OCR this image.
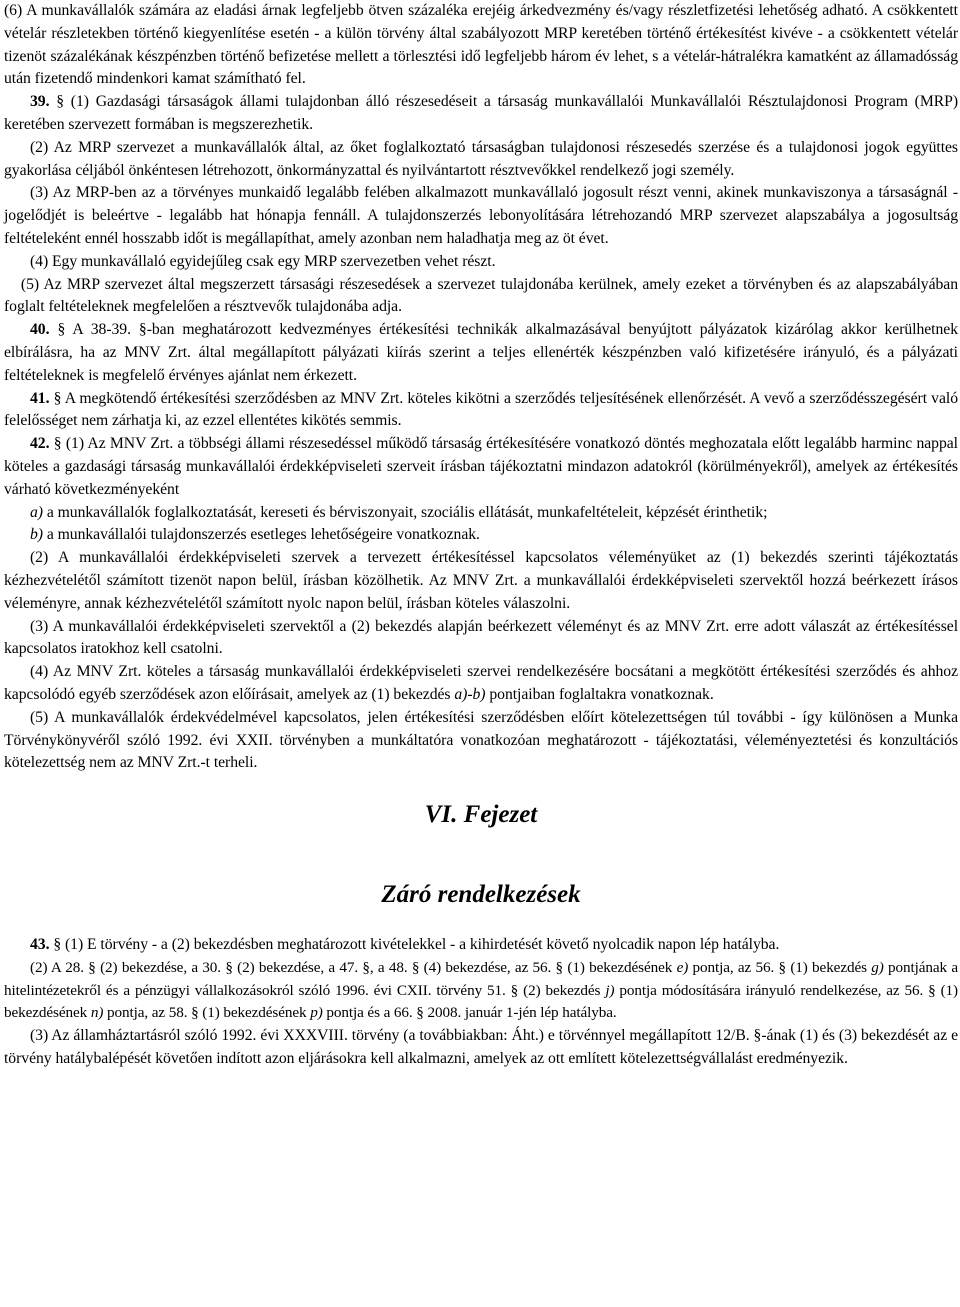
(6) A munkavállalók számára az eladási árnak legfeljebb ötven százaléka erejéig árkedvezmény és/vagy részletfizetési lehetőség adható. A csökkentett vételár részletekben történő kiegyenlítése esetén - a külön törvény által szabályozott MRP keretében történő értékesítést kivéve - a csökkentett vételár tizenöt százalékának készpénzben történő befizetése mellett a törlesztési idő legfeljebb három év lehet, s a vételár-hátralékra kamatként az államadósság után fizetendő mindenkori kamat számítható fel.

39. § (1) Gazdasági társaságok állami tulajdonban álló részesedéseit a társaság munkavállalói Munkavállalói Résztulajdonosi Program (MRP) keretében szervezett formában is megszerezhetik.

(2) Az MRP szervezet a munkavállalók által, az őket foglalkoztató társaságban tulajdonosi részesedés szerzése és a tulajdonosi jogok együttes gyakorlása céljából önkéntesen létrehozott, önkormányzattal és nyilvántartott résztvevőkkel rendelkező jogi személy.

(3) Az MRP-ben az a törvényes munkaidő legalább felében alkalmazott munkavállaló jogosult részt venni, akinek munkaviszonya a társaságnál - jogelődjét is beleértve - legalább hat hónapja fennáll. A tulajdonszerzés lebonyolítására létrehozandó MRP szervezet alapszabálya a jogosultság feltételeként ennél hosszabb időt is megállapíthat, amely azonban nem haladhatja meg az öt évet.

(4) Egy munkavállaló egyidejűleg csak egy MRP szervezetben vehet részt.

  (5) Az MRP szervezet által megszerzett társasági részesedések a szervezet tulajdonába kerülnek, amely ezeket a törvényben és az alapszabályában foglalt feltételeknek megfelelően a résztvevők tulajdonába adja.

40. § A 38-39. §-ban meghatározott kedvezményes értékesítési technikák alkalmazásával benyújtott pályázatok kizárólag akkor kerülhetnek elbírálásra, ha az MNV Zrt. által megállapított pályázati kiírás szerint a teljes ellenérték készpénzben való kifizetésére irányuló, és a pályázati feltételeknek is megfelelő érvényes ajánlat nem érkezett.

41. § A megkötendő értékesítési szerződésben az MNV Zrt. köteles kikötni a szerződés teljesítésének ellenőrzését. A vevő a szerződésszegésért való felelősséget nem zárhatja ki, az ezzel ellentétes kikötés semmis.

42. § (1) Az MNV Zrt. a többségi állami részesedéssel működő társaság értékesítésére vonatkozó döntés meghozatala előtt legalább harminc nappal köteles a gazdasági társaság munkavállalói érdekképviseleti szerveit írásban tájékoztatni mindazon adatokról (körülményekről), amelyek az értékesítés várható következményeként

a) a munkavállalók foglalkoztatását, kereseti és bérviszonyait, szociális ellátását, munkafeltételeit, képzését érinthetik;

b) a munkavállalói tulajdonszerzés esetleges lehetőségeire vonatkoznak.

(2) A munkavállalói érdekképviseleti szervek a tervezett értékesítéssel kapcsolatos véleményüket az (1) bekezdés szerinti tájékoztatás kézhezvételétől számított tizenöt napon belül, írásban közölhetik. Az MNV Zrt. a munkavállalói érdekképviseleti szervektől hozzá beérkezett írásos véleményre, annak kézhezvételétől számított nyolc napon belül, írásban köteles válaszolni.

(3) A munkavállalói érdekképviseleti szervektől a (2) bekezdés alapján beérkezett véleményt és az MNV Zrt. erre adott válaszát az értékesítéssel kapcsolatos iratokhoz kell csatolni.

(4) Az MNV Zrt. köteles a társaság munkavállalói érdekképviseleti szervei rendelkezésére bocsátani a megkötött értékesítési szerződés és ahhoz kapcsolódó egyéb szerződések azon előírásait, amelyek az (1) bekezdés a)-b) pontjaiban foglaltakra vonatkoznak.

(5) A munkavállalók érdekvédelmével kapcsolatos, jelen értékesítési szerződésben előírt kötelezettségen túl további - így különösen a Munka Törvénykönyvéről szóló 1992. évi XXII. törvényben a munkáltatóra vonatkozóan meghatározott - tájékoztatási, véleményeztetési és konzultációs kötelezettség nem az MNV Zrt.-t terheli.

VI. Fejezet
Záró rendelkezések

43. § (1) E törvény - a (2) bekezdésben meghatározott kivételekkel - a kihirdetését követő nyolcadik napon lép hatályba.

(2) A 28. § (2) bekezdése, a 30. § (2) bekezdése, a 47. §, a 48. § (4) bekezdése, az 56. § (1) bekezdésének e) pontja, az 56. § (1) bekezdés g) pontjának a hitelintézetekről és a pénzügyi vállalkozásokról szóló 1996. évi CXII. törvény 51. § (2) bekezdés j) pontja módosítására irányuló rendelkezése, az 56. § (1) bekezdésének n) pontja, az 58. § (1) bekezdésének p) pontja és a 66. § 2008. január 1-jén lép hatályba.

(3) Az államháztartásról szóló 1992. évi XXXVIII. törvény (a továbbiakban: Áht.) e törvénnyel megállapított 12/B. §-ának (1) és (3) bekezdését az e törvény hatálybalépését követően indított azon eljárásokra kell alkalmazni, amelyek az ott említett kötelezettségvállalást eredményezik.
